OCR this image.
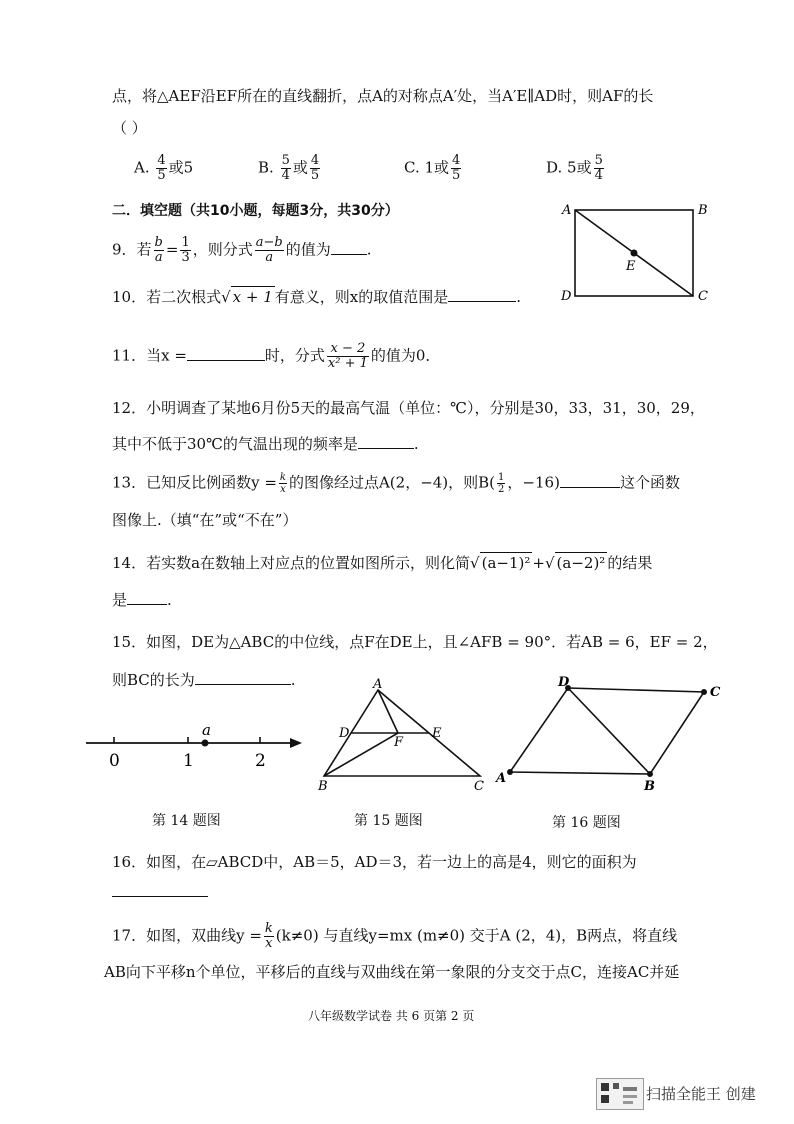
点，将△AEF沿EF所在的直线翻折，点A的对称点A′处，当A′E∥AD时，则AF的长
（ ）
A. $\frac{4}{5}$ 或5	B. $\frac{5}{4}$ 或 $\frac{4}{5}$	C. 1或 $\frac{4}{5}$	D. 5或 $\frac{5}{4}$
二．填空题（共10小题，每题3分，共30分）	A	B
C
D
E
9．若 $\frac{b}{a} = \frac{1}{3}$ ，则分式 $\frac{a-b}{a}$ 的值为 .
10．若二次根式√ x + 1 有意义，则x的取值范围是	.
11．当x =	时，分式 $\frac{x - 2}{\text{x² + 1}}$ 的值为0．
12．小明调查了某地6月份5天的最高气温（单位：℃），分别是30，33，31，30，29，
其中不低于30℃的气温出现的频率是	.
13．已知反比例函数$y = \frac{k}{x}$ 的图像经过点A(2，−4)，则$B( \frac{1}{2}$ ，−16)	这个函数
图像上.（填“在”或“不在”）
14．若实数a在数轴上对应点的位置如图所示，则化简√ (a−1)² +√ (a−2)² 的结果
是	.
15．如图，DE为△ABC的中位线，点F在DE上，且∠AFB = 90°．若AB = 6，EF = 2，
则BC的长为	.
a
0	1	2
A
D	E
F
B	C
D
C
B
A
第 14 题图	第 15 题图	第 16 题图
16．如图，在▱ABCD中，AB＝5，AD＝3，若一边上的高是4，则它的面积为
17．如图，双曲线$y = \frac{k}{x} (k\ne 0)$ 与直线y=mx (m≠0) 交于A (2，4)，B两点，将直线
AB向下平移n个单位，平移后的直线与双曲线在第一象限的分支交于点C，连接AC并延
八年级数学试卷 共 6 页第 2 页
扫描全能王 创建
